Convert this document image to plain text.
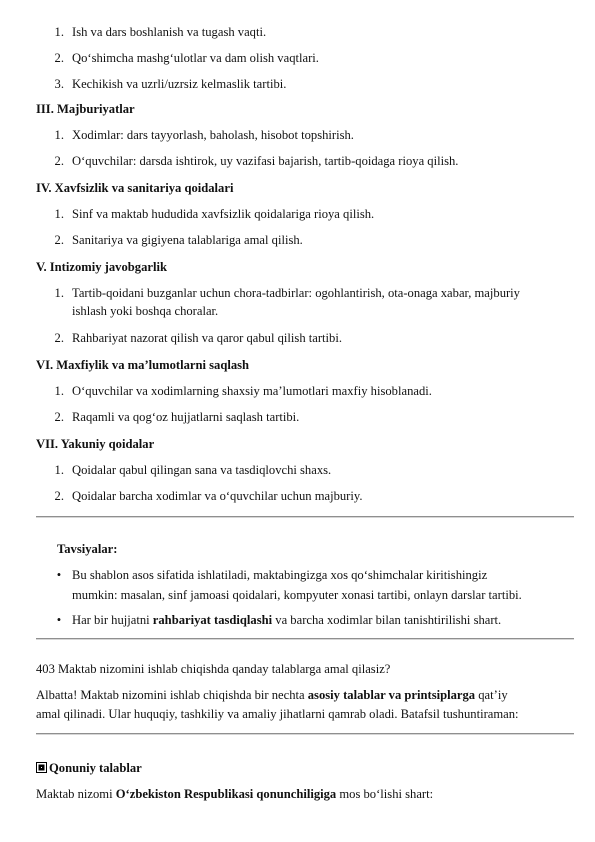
1. Ish va dars boshlanish va tugash vaqti.
2. Qo‘shimcha mashg‘ulotlar va dam olish vaqtlari.
3. Kechikish va uzrli/uzrsiz kelmaslik tartibi.
III. Majburiyatlar
1. Xodimlar: dars tayyorlash, baholash, hisobot topshirish.
2. O‘quvchilar: darsda ishtirok, uy vazifasi bajarish, tartib-qoidaga rioya qilish.
IV. Xavfsizlik va sanitariya qoidalari
1. Sinf va maktab hududida xavfsizlik qoidalariga rioya qilish.
2. Sanitariya va gigiyena talablariga amal qilish.
V. Intizomiy javobgarlik
1. Tartib-qoidani buzganlar uchun chora-tadbirlar: ogohlantirish, ota-onaga xabar, majburiy
ishlash yoki boshqa choralar.
2. Rahbariyat nazorat qilish va qaror qabul qilish tartibi.
VI. Maxfiylik va ma’lumotlarni saqlash
1. O‘quvchilar va xodimlarning shaxsiy ma’lumotlari maxfiy hisoblanadi.
2. Raqamli va qog‘oz hujjatlarni saqlash tartibi.
VII. Yakuniy qoidalar
1. Qoidalar qabul qilingan sana va tasdiqlovchi shaxs.
2. Qoidalar barcha xodimlar va o‘quvchilar uchun majburiy.
Tavsiyalar:
• Bu shablon asos sifatida ishlatiladi, maktabingizga xos qo‘shimchalar kiritishingiz
mumkin: masalan, sinf jamoasi qoidalari, kompyuter xonasi tartibi, onlayn darslar tartibi.
• Har bir hujjatni rahbariyat tasdiqlashi va barcha xodimlar bilan tanishtirilishi shart.
403 Maktab nizomini ishlab chiqishda qanday talablarga amal qilasiz?
Albatta! Maktab nizomini ishlab chiqishda bir nechta asosiy talablar va printsiplarga qat’iy
amal qilinadi. Ular huquqiy, tashkiliy va amaliy jihatlarni qamrab oladi. Batafsil tushuntiraman:
Qonuniy talablar
Maktab nizomi O‘zbekiston Respublikasi qonunchiligiga mos bo‘lishi shart:
